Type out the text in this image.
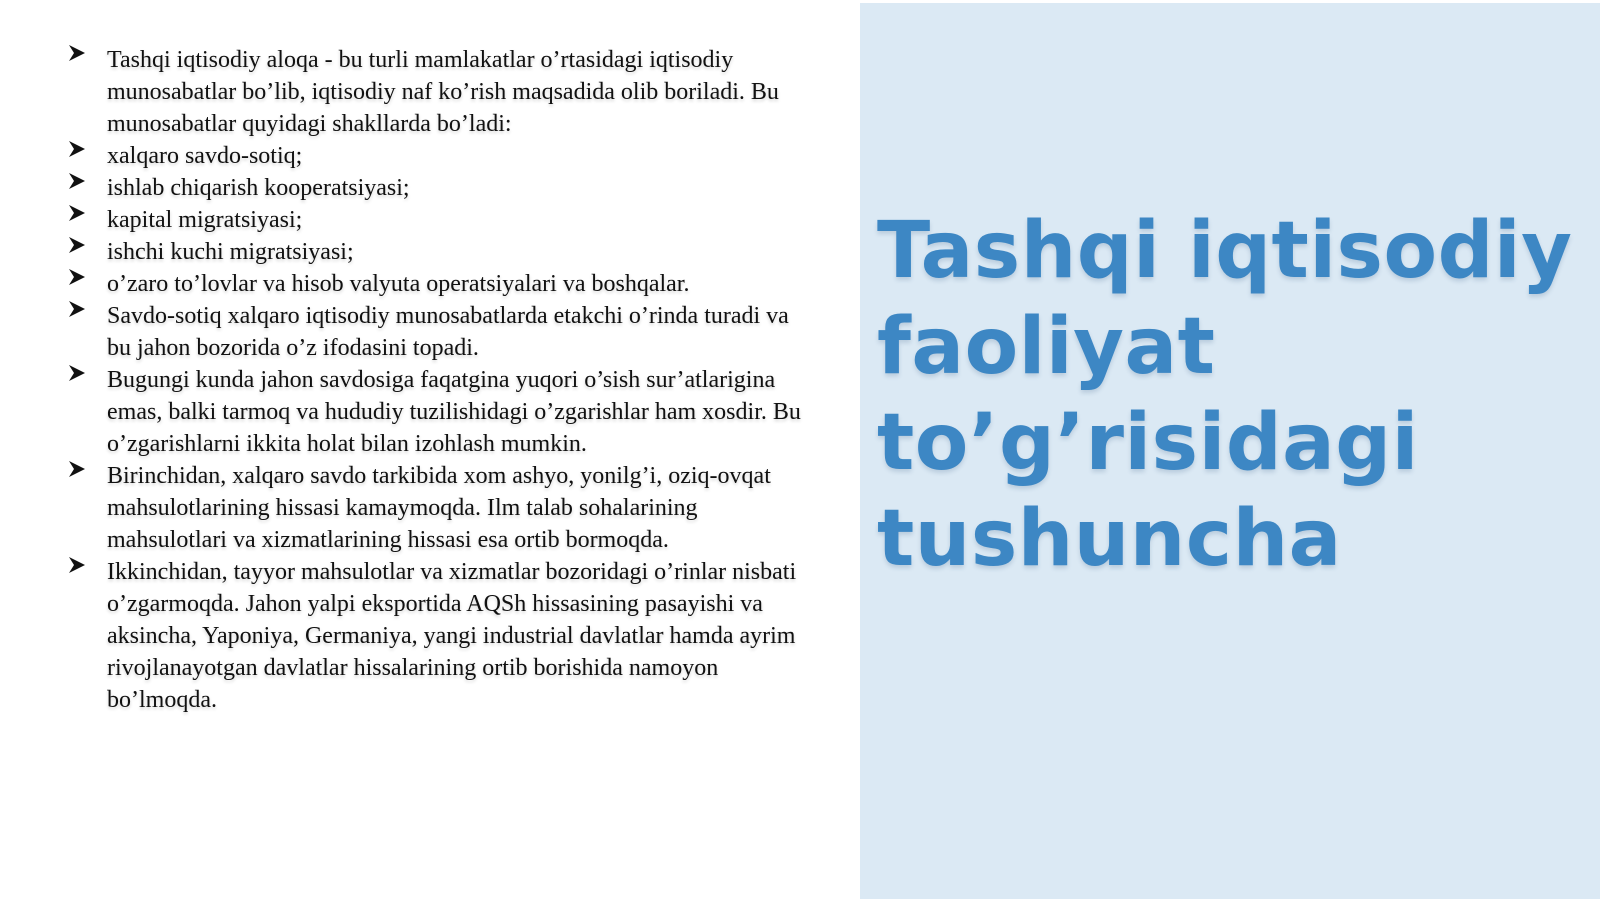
Tashqi iqtisodiy aloqa - bu turli mamlakatlar o’rtasidagi iqtisodiy munosabatlar bo’lib, iqtisodiy naf ko’rish maqsadida olib boriladi. Bu munosabatlar quyidagi shakllarda bo’ladi:
xalqaro savdo-sotiq;
ishlab chiqarish kooperatsiyasi;
kapital migratsiyasi;
ishchi kuchi migratsiyasi;
o’zaro to’lovlar va hisob valyuta operatsiyalari va boshqalar.
Savdo-sotiq xalqaro iqtisodiy munosabatlarda etakchi o’rinda turadi va bu jahon bozorida o’z ifodasini topadi.
Bugungi kunda jahon savdosiga faqatgina yuqori o’sish sur’atlarigina emas, balki tarmoq va hududiy tuzilishidagi o’zgarishlar ham xosdir. Bu o’zgarishlarni ikkita holat bilan izohlash mumkin.
Birinchidan, xalqaro savdo tarkibida xom ashyo, yonilg’i, oziq-ovqat mahsulotlarining hissasi kamaymoqda. Ilm talab sohalarining mahsulotlari va xizmatlarining hissasi esa ortib bormoqda.
Ikkinchidan, tayyor mahsulotlar va xizmatlar bozoridagi o’rinlar nisbati o’zgarmoqda. Jahon yalpi eksportida AQSh hissasining pasayishi va aksincha, Yaponiya, Germaniya, yangi industrial davlatlar hamda ayrim rivojlanayotgan davlatlar hissalarining ortib borishida namoyon bo’lmoqda.
Tashqi iqtisodiy
faoliyat
to’g’risidagi
tushuncha
